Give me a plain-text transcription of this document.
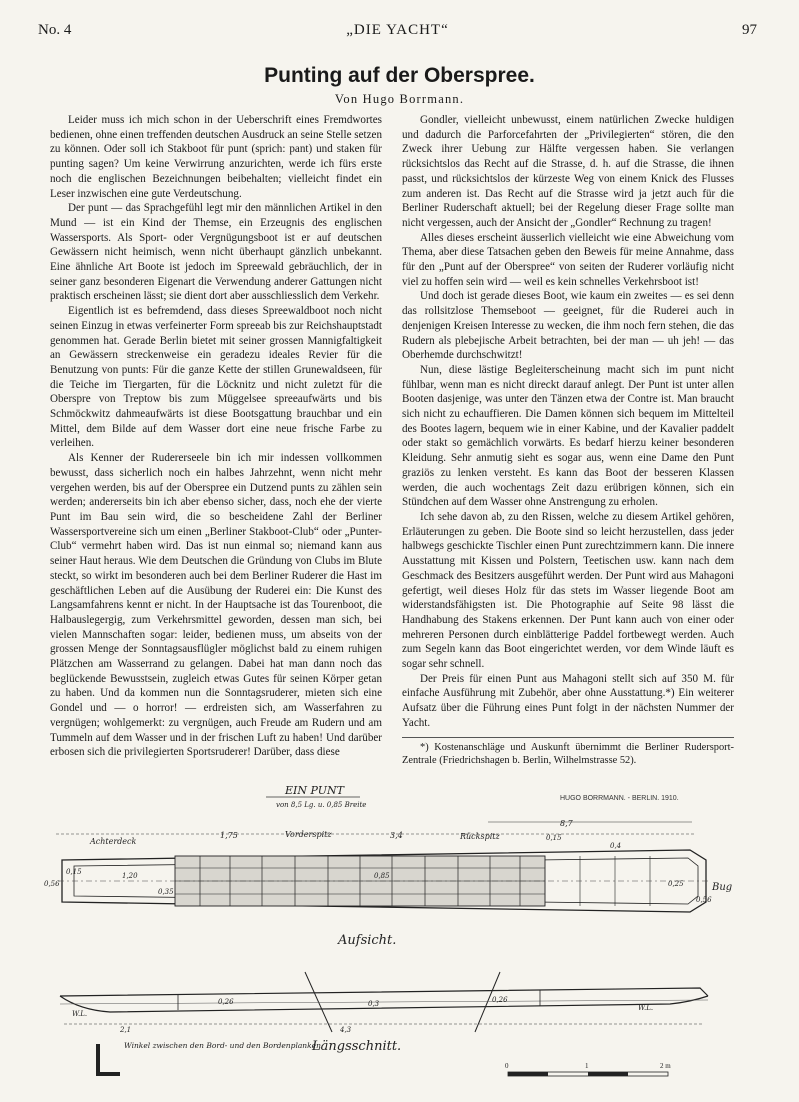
No. 4	„DIE YACHT“	97
Punting auf der Oberspree.
Von Hugo Borrmann.

Leider muss ich mich schon in der Ueberschrift eines Fremdwortes bedienen, ohne einen treffenden deutschen Ausdruck an seine Stelle setzen zu können. Oder soll ich Stakboot für punt (sprich: pant) und staken für punting sagen? Um keine Verwirrung anzurichten, werde ich fürs erste noch die englischen Bezeichnungen beibehalten; vielleicht findet ein Leser inzwischen eine gute Verdeutschung.

Der punt — das Sprachgefühl legt mir den männlichen Artikel in den Mund — ist ein Kind der Themse, ein Erzeugnis des englischen Wassersports. Als Sport- oder Vergnügungsboot ist er auf deutschen Gewässern nicht heimisch, wenn nicht überhaupt gänzlich unbekannt. Eine ähnliche Art Boote ist jedoch im Spreewald gebräuchlich, der in seiner ganz besonderen Eigenart die Verwendung anderer Gattungen nicht praktisch erscheinen lässt; sie dient dort aber ausschliesslich dem Verkehr.

Eigentlich ist es befremdend, dass dieses Spreewaldboot noch nicht seinen Einzug in etwas verfeinerter Form spreeab bis zur Reichshauptstadt genommen hat. Gerade Berlin bietet mit seiner grossen Mannigfaltigkeit an Gewässern streckenweise ein geradezu ideales Revier für die Benutzung von punts: Für die ganze Kette der stillen Grunewaldseen, für die Teiche im Tiergarten, für die Löcknitz und nicht zuletzt für die Oberspre von Treptow bis zum Müggelsee spreeaufwärts und bis Schmöckwitz dahmeaufwärts ist diese Bootsgattung brauchbar und ein Mittel, dem Bilde auf dem Wasser dort eine neue frische Farbe zu verleihen.

Als Kenner der Rudererseele bin ich mir indessen vollkommen bewusst, dass sicherlich noch ein halbes Jahrzehnt, wenn nicht mehr vergehen werden, bis auf der Oberspree ein Dutzend punts zu zählen sein werden; andererseits bin ich aber ebenso sicher, dass, noch ehe der vierte Punt im Bau sein wird, die so bescheidene Zahl der Berliner Wassersportvereine sich um einen „Berliner Stakboot-Club“ oder „Punter-Club“ vermehrt haben wird. Das ist nun einmal so; niemand kann aus seiner Haut heraus. Wie dem Deutschen die Gründung von Clubs im Blute steckt, so wirkt im besonderen auch bei dem Berliner Ruderer die Hast im geschäftlichen Leben auf die Ausübung der Ruderei ein: Die Kunst des Langsamfahrens kennt er nicht. In der Hauptsache ist das Tourenboot, die Halbauslegergig, zum Verkehrsmittel geworden, dessen man sich, bei vielen Mannschaften sogar: leider, bedienen muss, um abseits von der grossen Menge der Sonntagsausflügler möglichst bald zu einem ruhigen Plätzchen am Wasserrand zu gelangen. Dabei hat man dann noch das beglückende Bewusstsein, zugleich etwas Gutes für seinen Körper getan zu haben. Und da kommen nun die Sonntagsruderer, mieten sich eine Gondel und — o horror! — erdreisten sich, am Wasserfahren zu vergnügen; wohlgemerkt: zu vergnügen, auch Freude am Rudern und am Tummeln auf dem Wasser und in der frischen Luft zu haben! Und darüber erbosen sich die privilegierten Sportsruderer! Darüber, dass diese

Gondler, vielleicht unbewusst, einem natürlichen Zwecke huldigen und dadurch die Parforcefahrten der „Privilegierten“ stören, die den Zweck ihrer Uebung zur Hälfte vergessen haben. Sie verlangen rücksichtslos das Recht auf die Strasse, d. h. auf die Strasse, die ihnen passt, und rücksichtslos der kürzeste Weg von einem Knick des Flusses zum anderen ist. Das Recht auf die Strasse wird ja jetzt auch für die Berliner Ruderschaft aktuell; bei der Regelung dieser Frage sollte man nicht vergessen, auch der Ansicht der „Gondler“ Rechnung zu tragen!

Alles dieses erscheint äusserlich vielleicht wie eine Abweichung vom Thema, aber diese Tatsachen geben den Beweis für meine Annahme, dass für den „Punt auf der Oberspree“ von seiten der Ruderer vorläufig nicht viel zu hoffen sein wird — weil es kein schnelles Verkehrsboot ist!

Und doch ist gerade dieses Boot, wie kaum ein zweites — es sei denn das rollsitzlose Themseboot — geeignet, für die Ruderei auch in denjenigen Kreisen Interesse zu wecken, die ihm noch fern stehen, die das Rudern als plebejische Arbeit betrachten, bei der man — uh jeh! — das Oberhemde durchschwitzt!

Nun, diese lästige Begleiterscheinung macht sich im punt nicht fühlbar, wenn man es nicht direckt darauf anlegt. Der Punt ist unter allen Booten dasjenige, was unter den Tänzen etwa der Contre ist. Man braucht sich nicht zu echauffieren. Die Damen können sich bequem im Mittelteil des Bootes lagern, bequem wie in einer Kabine, und der Kavalier paddelt oder stakt so gemächlich vorwärts. Es bedarf hierzu keiner besonderen Kleidung. Sehr anmutig sieht es sogar aus, wenn eine Dame den Punt graziös zu lenken versteht. Es kann das Boot der besseren Klassen werden, die auch wochentags Zeit dazu erübrigen können, sich ein Stündchen auf dem Wasser ohne Anstrengung zu erholen.

Ich sehe davon ab, zu den Rissen, welche zu diesem Artikel gehören, Erläuterungen zu geben. Die Boote sind so leicht herzustellen, dass jeder halbwegs geschickte Tischler einen Punt zurechtzimmern kann. Die innere Ausstattung mit Kissen und Polstern, Teetischen usw. kann nach dem Geschmack des Besitzers ausgeführt werden. Der Punt wird aus Mahagoni gefertigt, weil dieses Holz für das stets im Wasser liegende Boot am widerstandsfähigsten ist. Die Photographie auf Seite 98 lässt die Handhabung des Stakens erkennen. Der Punt kann auch von einer oder mehreren Personen durch einblätterige Paddel fortbewegt werden. Auch zum Segeln kann das Boot eingerichtet werden, vor dem Winde läuft es sogar sehr schnell.

Der Preis für einen Punt aus Mahagoni stellt sich auf 350 M. für einfache Ausführung mit Zubehör, aber ohne Ausstattung.*) Ein weiterer Aufsatz über die Führung eines Punt folgt in der nächsten Nummer der Yacht.

*) Kostenanschläge und Auskunft übernimmt die Berliner Rudersport-Zentrale (Friedrichshagen b. Berlin, Wilhelmstrasse 52).

EIN PUNT
von 8,5 Lg. u. 0,85 Breite
HUGO BORRMANN. - BERLIN. 1910.
Achterdeck
1,75	Vorderspitz	3,4	Rückspitz
8,7
0,15
0,4
0,56
0,15	1,20
0,35
0,85
0,25
0,56
Bug
Aufsicht.
W.L.
W.L.
2,1	4,3
0,26	0,3	0,26
Längsschnitt.
Winkel zwischen den Bord- und den Bordenplanken
0	1	2 m
